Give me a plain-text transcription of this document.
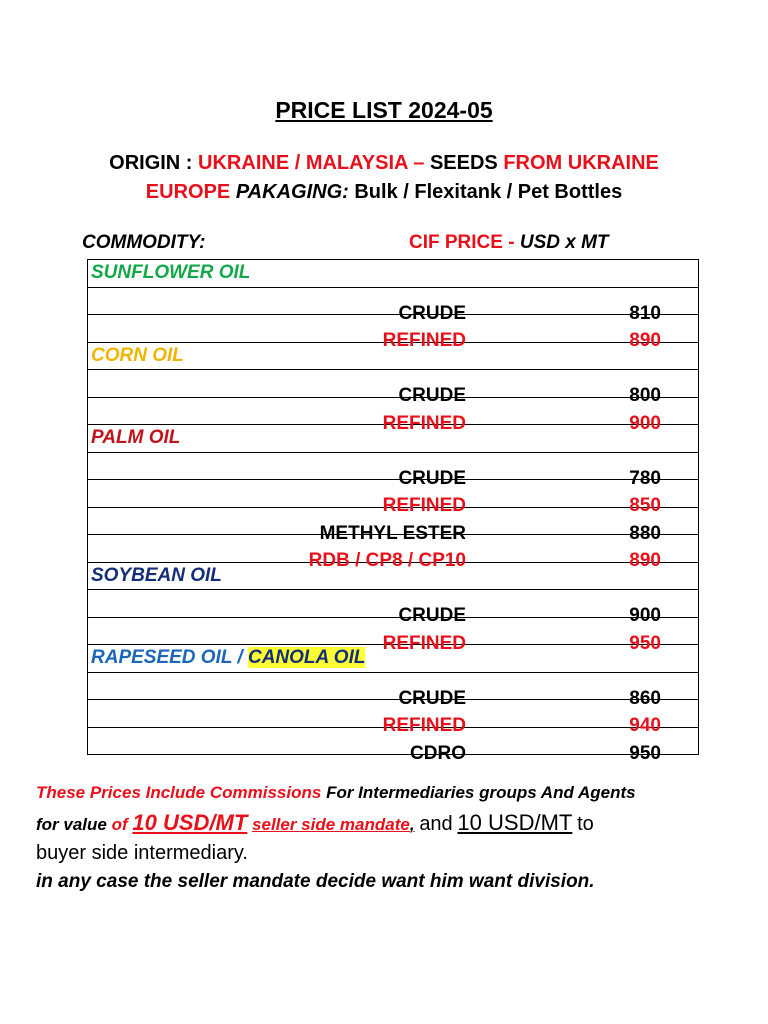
PRICE LIST 2024-05
ORIGIN : UKRAINE / MALAYSIA – SEEDS FROM UKRAINE
EUROPE PAKAGING: Bulk / Flexitank / Pet Bottles
COMMODITY:	CIF PRICE - USD x MT
SUNFLOWER OIL

CRUDE	810

REFINED	890

CORN OIL

CRUDE	800

REFINED	900

PALM OIL

CRUDE	780

REFINED	850

METHYL ESTER	880

RDB / CP8 / CP10	890

SOYBEAN OIL

CRUDE	900

REFINED	950

RAPESEED OIL / CANOLA OIL

CRUDE	860

REFINED	940

CDRO	950
These Prices Include Commissions For Intermediaries groups And Agents
for value of 10 USD/MT seller side mandate, and 10 USD/MT to
buyer side intermediary.
in any case the seller mandate decide want him want division.
